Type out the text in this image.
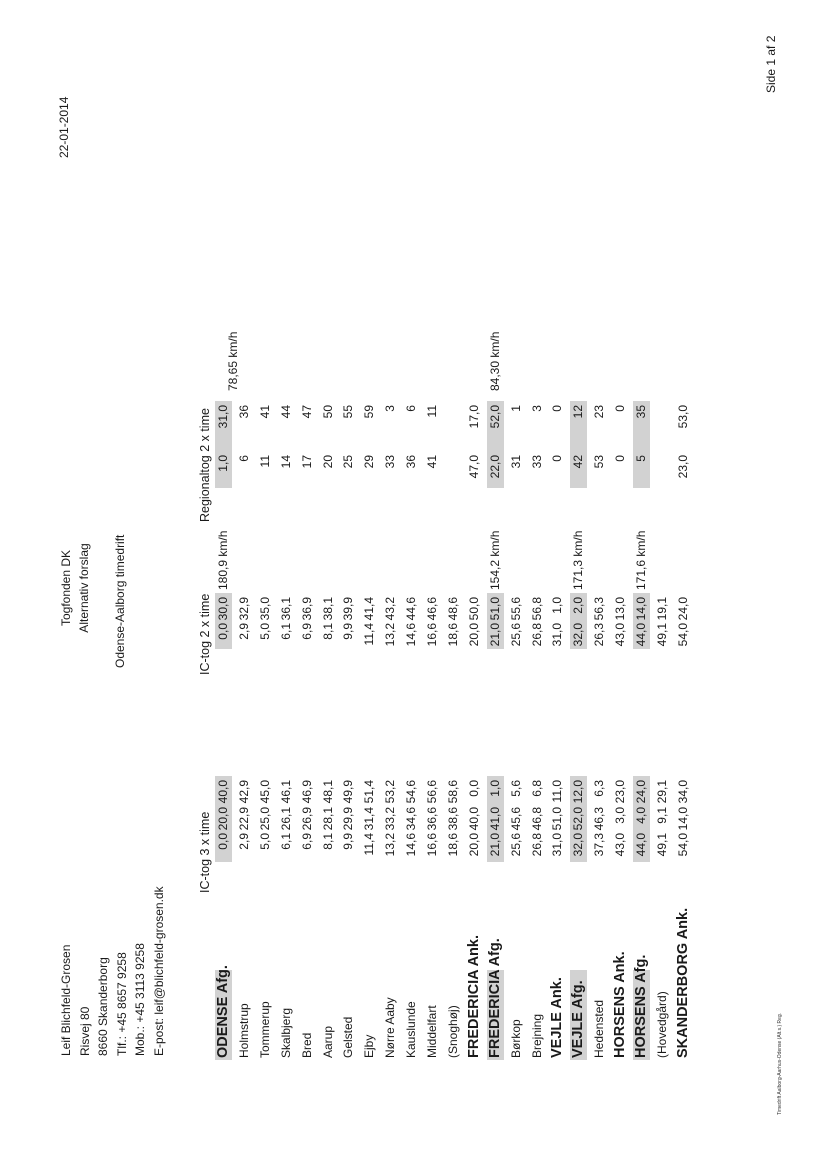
Leif Blichfeld-Grosen Risvej 80 8660 Skanderborg Tlf.: +45 8657 9258 Mob.: +45 3113 9258 E-post: leif@blichfeld-grosen.dk
Togfonden DK Alternativ forslag Odense-Aalborg timedrift
22-01-2014
IC-tog 3 x time
IC-tog 2 x time
Regionaltog 2 x time
ODENSE Afg.
0,0
20,0
40,0
0,0
30,0
1,0
31,0
180,9 km/h
78,65 km/h
Holmstrup
2,9
22,9
42,9
2,9
32,9
6
36
Tommerup
5,0
25,0
45,0
5,0
35,0
11
41
Skalbjerg
6,1
26,1
46,1
6,1
36,1
14
44
Bred
6,9
26,9
46,9
6,9
36,9
17
47
Aarup
8,1
28,1
48,1
8,1
38,1
20
50
Gelsted
9,9
29,9
49,9
9,9
39,9
25
55
Ejby
11,4
31,4
51,4
11,4
41,4
29
59
Nørre Aaby
13,2
33,2
53,2
13,2
43,2
33
3
Kauslunde
14,6
34,6
54,6
14,6
44,6
36
6
Middelfart
16,6
36,6
56,6
16,6
46,6
41
11
(Snoghøj)
18,6
38,6
58,6
18,6
48,6
FREDERICIA Ank.
20,0
40,0
0,0
20,0
50,0
47,0
17,0
FREDERICIA Afg.
21,0
41,0
1,0
21,0
51,0
22,0
52,0
154,2 km/h
84,30 km/h
Børkop
25,6
45,6
5,6
25,6
55,6
31
1
Brejning
26,8
46,8
6,8
26,8
56,8
33
3
VEJLE Ank.
31,0
51,0
11,0
31,0
1,0
0
0
VEJLE Afg.
32,0
52,0
12,0
32,0
2,0
42
12
171,3 km/h
Hedensted
37,3
46,3
6,3
26,3
56,3
53
23
HORSENS Ank.
43,0
3,0
23,0
43,0
13,0
0
0
HORSENS Afg.
44,0
4,0
24,0
44,0
14,0
5
35
171,6 km/h
(Hovedgård)
49,1
9,1
29,1
49,1
19,1
SKANDERBORG Ank.
54,0
14,0
34,0
54,0
24,0
23,0
53,0
Side 1 af 2
Timedrift Aalborg-Aarhus-Odense (Alt.s.) Reg.
